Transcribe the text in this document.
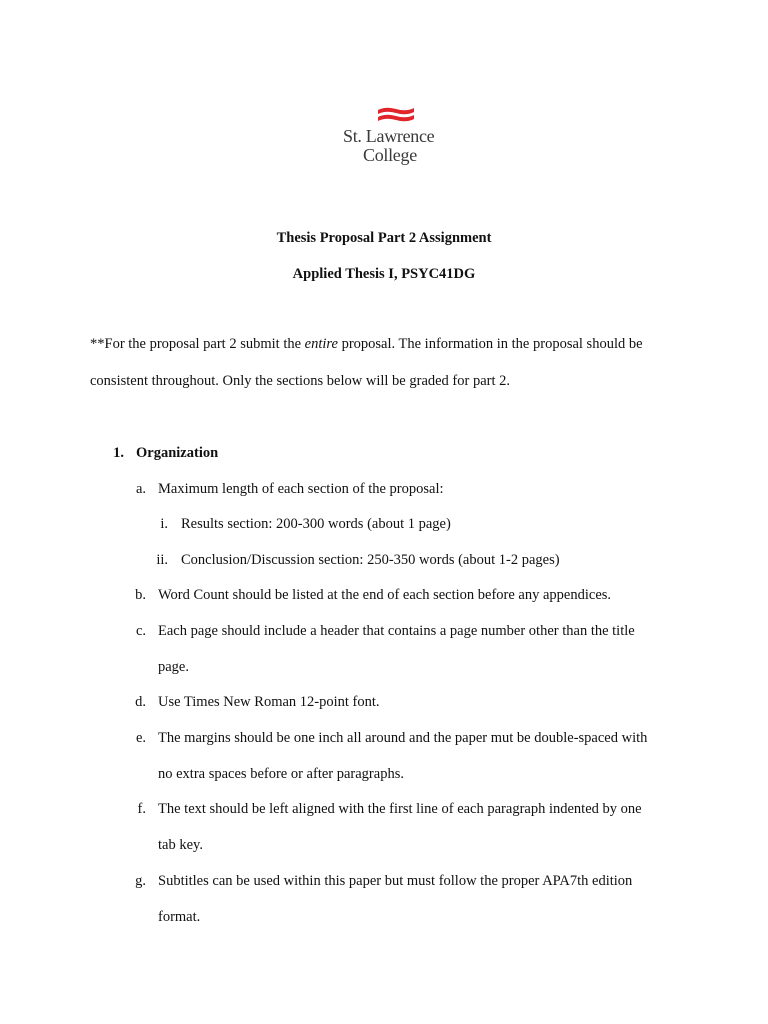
St. Lawrence
College
Thesis Proposal Part 2 Assignment
Applied Thesis I, PSYC41DG
**For the proposal part 2 submit the entire proposal. The information in the proposal should be
consistent throughout. Only the sections below will be graded for part 2.
1. Organization
a. Maximum length of each section of the proposal:
i. Results section: 200-300 words (about 1 page)
ii. Conclusion/Discussion section: 250-350 words (about 1-2 pages)
b. Word Count should be listed at the end of each section before any appendices.
c. Each page should include a header that contains a page number other than the title
page.
d. Use Times New Roman 12-point font.
e. The margins should be one inch all around and the paper mut be double-spaced with
no extra spaces before or after paragraphs.
f. The text should be left aligned with the first line of each paragraph indented by one
tab key.
g. Subtitles can be used within this paper but must follow the proper APA7th edition
format.
